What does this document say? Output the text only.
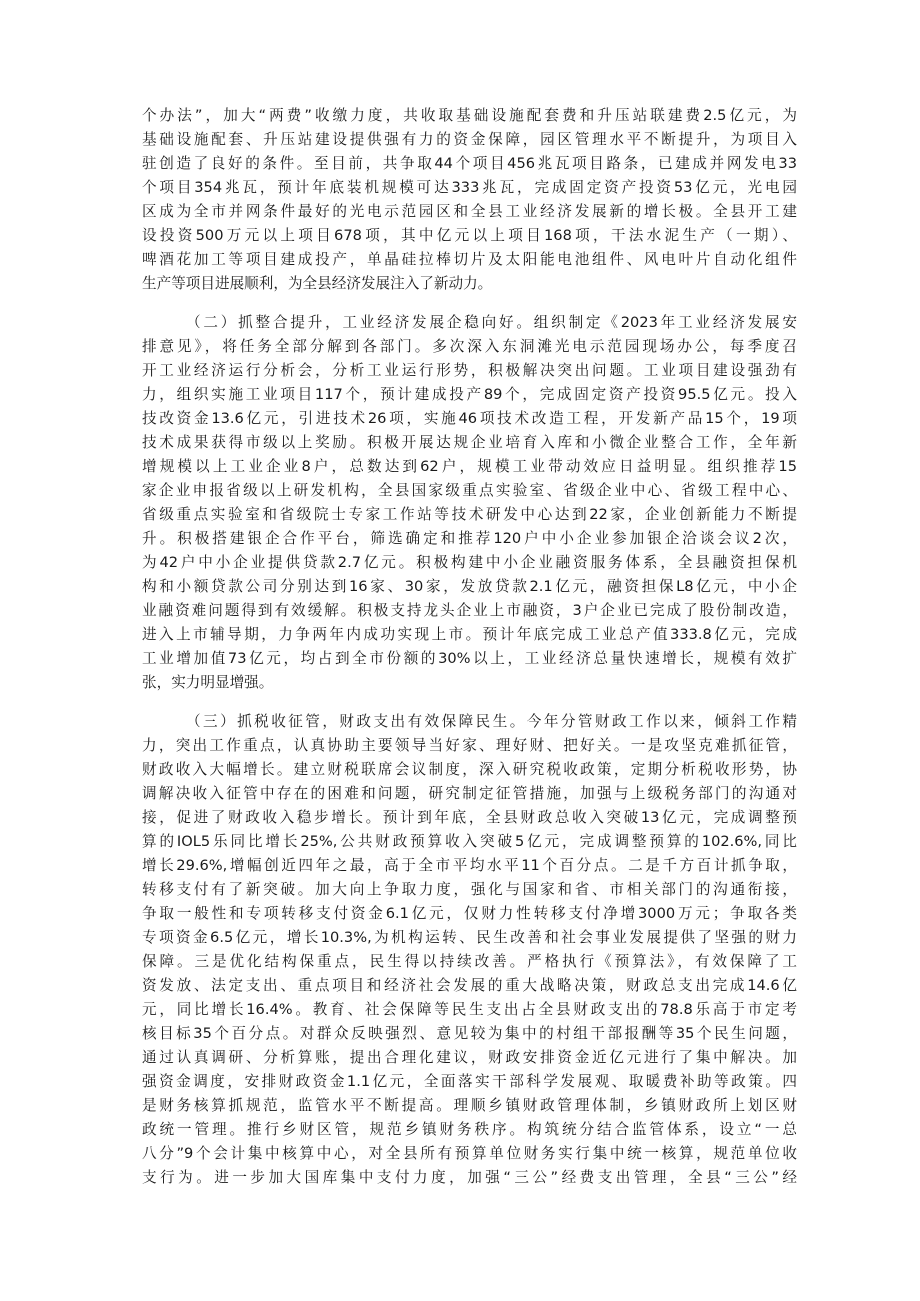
个办法”，加大“两费”收缴力度，共收取基础设施配套费和升压站联建费2.5亿元，为
基础设施配套、升压站建设提供强有力的资金保障，园区管理水平不断提升，为项目入
驻创造了良好的条件。至目前，共争取44个项目456兆瓦项目路条，已建成并网发电33
个项目354兆瓦，预计年底装机规模可达333兆瓦，完成固定资产投资53亿元，光电园
区成为全市并网条件最好的光电示范园区和全县工业经济发展新的增长极。全县开工建
设投资500万元以上项目678项，其中亿元以上项目168项，干法水泥生产（一期）、
啤酒花加工等项目建成投产，单晶硅拉棒切片及太阳能电池组件、风电叶片自动化组件
生产等项目进展顺利，为全县经济发展注入了新动力。
（二）抓整合提升，工业经济发展企稳向好。组织制定《2023年工业经济发展安
排意见》，将任务全部分解到各部门。多次深入东洞滩光电示范园现场办公，每季度召
开工业经济运行分析会，分析工业运行形势，积极解决突出问题。工业项目建设强劲有
力，组织实施工业项目117个，预计建成投产89个，完成固定资产投资95.5亿元。投入
技改资金13.6亿元，引进技术26项，实施46项技术改造工程，开发新产品15个，19项
技术成果获得市级以上奖励。积极开展达规企业培育入库和小微企业整合工作，全年新
增规模以上工业企业8户，总数达到62户，规模工业带动效应日益明显。组织推荐15
家企业申报省级以上研发机构，全县国家级重点实验室、省级企业中心、省级工程中心、
省级重点实验室和省级院士专家工作站等技术研发中心达到22家，企业创新能力不断提
升。积极搭建银企合作平台，筛选确定和推荐120户中小企业参加银企洽谈会议2次，
为42户中小企业提供贷款2.7亿元。积极构建中小企业融资服务体系，全县融资担保机
构和小额贷款公司分别达到16家、30家，发放贷款2.1亿元，融资担保L8亿元，中小企
业融资难问题得到有效缓解。积极支持龙头企业上市融资，3户企业已完成了股份制改造，
进入上市辅导期，力争两年内成功实现上市。预计年底完成工业总产值333.8亿元，完成
工业增加值73亿元，均占到全市份额的30%以上，工业经济总量快速增长，规模有效扩
张，实力明显增强。
（三）抓税收征管，财政支出有效保障民生。今年分管财政工作以来，倾斜工作精
力，突出工作重点，认真协助主要领导当好家、理好财、把好关。一是攻坚克难抓征管，
财政收入大幅增长。建立财税联席会议制度，深入研究税收政策，定期分析税收形势，协
调解决收入征管中存在的困难和问题，研究制定征管措施，加强与上级税务部门的沟通对
接，促进了财政收入稳步增长。预计到年底，全县财政总收入突破13亿元，完成调整预
算的IOL5乐同比增长25%,公共财政预算收入突破5亿元，完成调整预算的102.6%,同比
增长29.6%,增幅创近四年之最，高于全市平均水平11个百分点。二是千方百计抓争取，
转移支付有了新突破。加大向上争取力度，强化与国家和省、市相关部门的沟通衔接，
争取一般性和专项转移支付资金6.1亿元，仅财力性转移支付净增3000万元；争取各类
专项资金6.5亿元，增长10.3%,为机构运转、民生改善和社会事业发展提供了坚强的财力
保障。三是优化结构保重点，民生得以持续改善。严格执行《预算法》，有效保障了工
资发放、法定支出、重点项目和经济社会发展的重大战略决策，财政总支出完成14.6亿
元，同比增长16.4%。教育、社会保障等民生支出占全县财政支出的78.8乐高于市定考
核目标35个百分点。对群众反映强烈、意见较为集中的村组干部报酬等35个民生问题，
通过认真调研、分析算账，提出合理化建议，财政安排资金近亿元进行了集中解决。加
强资金调度，安排财政资金1.1亿元，全面落实干部科学发展观、取暖费补助等政策。四
是财务核算抓规范，监管水平不断提高。理顺乡镇财政管理体制，乡镇财政所上划区财
政统一管理。推行乡财区管，规范乡镇财务秩序。构筑统分结合监管体系，设立“一总
八分”9个会计集中核算中心，对全县所有预算单位财务实行集中统一核算，规范单位收
支行为。进一步加大国库集中支付力度，加强“三公”经费支出管理，全县“三公”经
